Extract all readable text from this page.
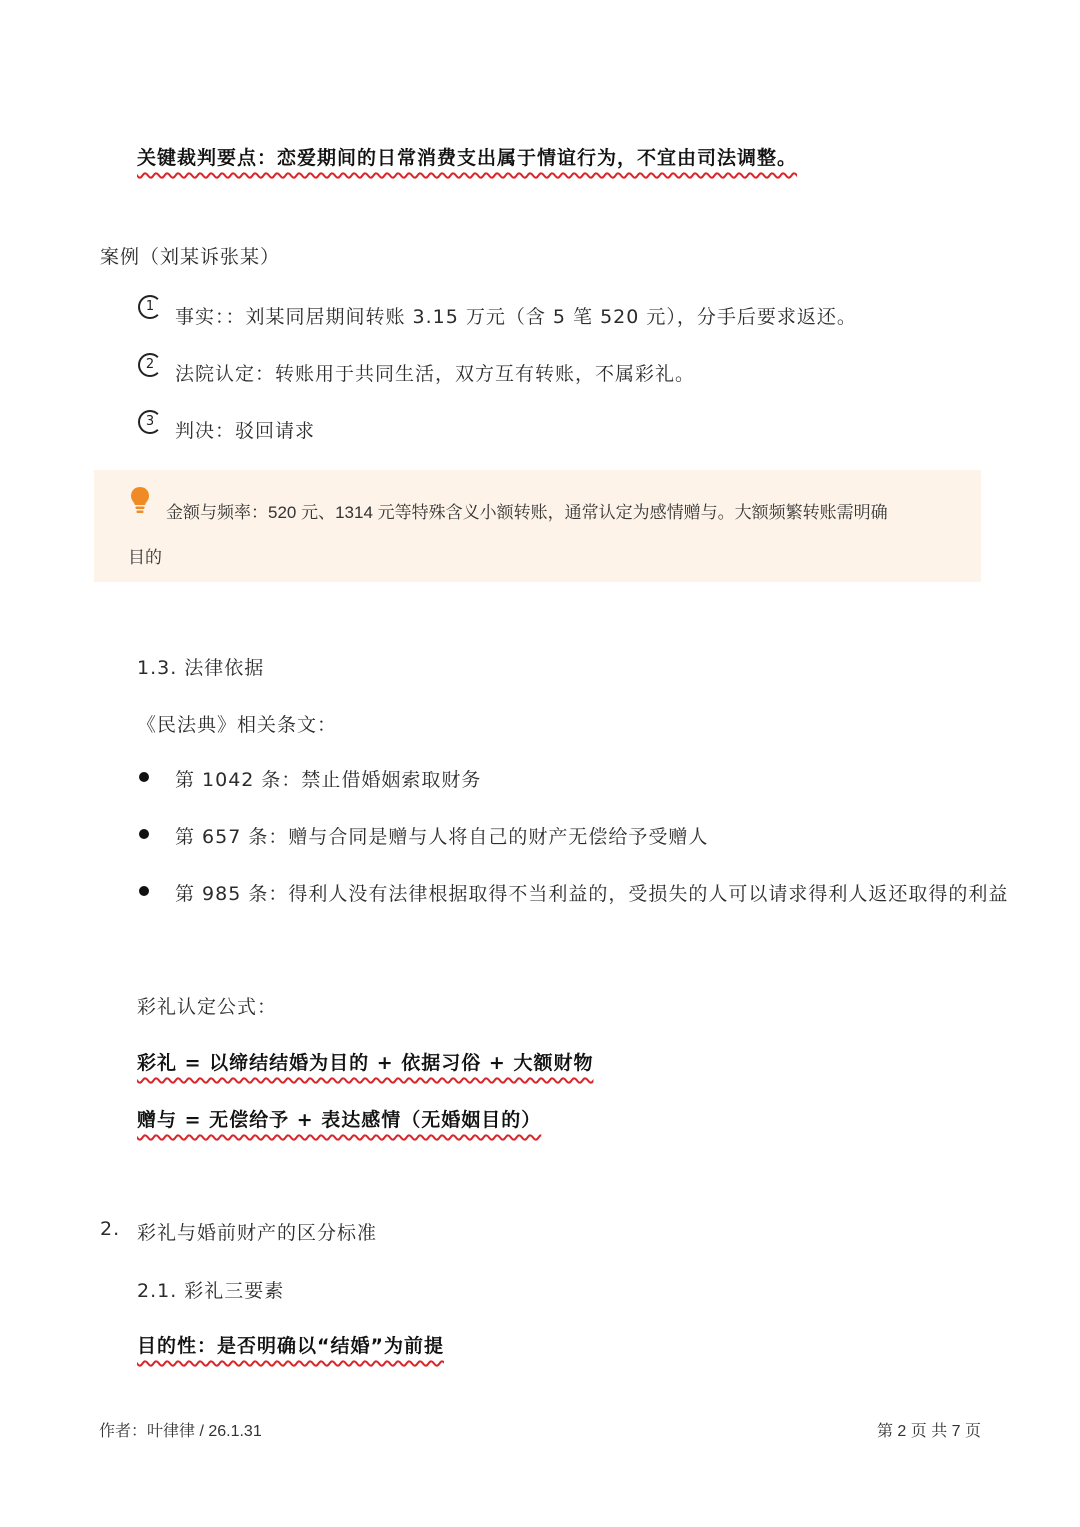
关键裁判要点：恋爱期间的日常消费支出属于情谊行为，不宜由司法调整。
案例（刘某诉张某）
1	事实：：刘某同居期间转账 3.15 万元（含 5 笔 520 元），分手后要求返还。
2	法院认定：转账用于共同生活，双方互有转账，不属彩礼。
3	判决：驳回请求
金额与频率：520 元、1314 元等特殊含义小额转账，通常认定为感情赠与。大额频繁转账需明确
目的
1.3. 法律依据
《民法典》相关条文：
第 1042 条：禁止借婚姻索取财务
第 657 条：赠与合同是赠与人将自己的财产无偿给予受赠人
第 985 条：得利人没有法律根据取得不当利益的，受损失的人可以请求得利人返还取得的利益
彩礼认定公式：
彩礼 = 以缔结结婚为目的 + 依据习俗 + 大额财物
赠与 = 无偿给予 + 表达感情（无婚姻目的）
2. 彩礼与婚前财产的区分标准
2.1. 彩礼三要素
目的性：是否明确以“结婚”为前提
作者：叶律律 / 26.1.31	第 2 页 共 7 页
